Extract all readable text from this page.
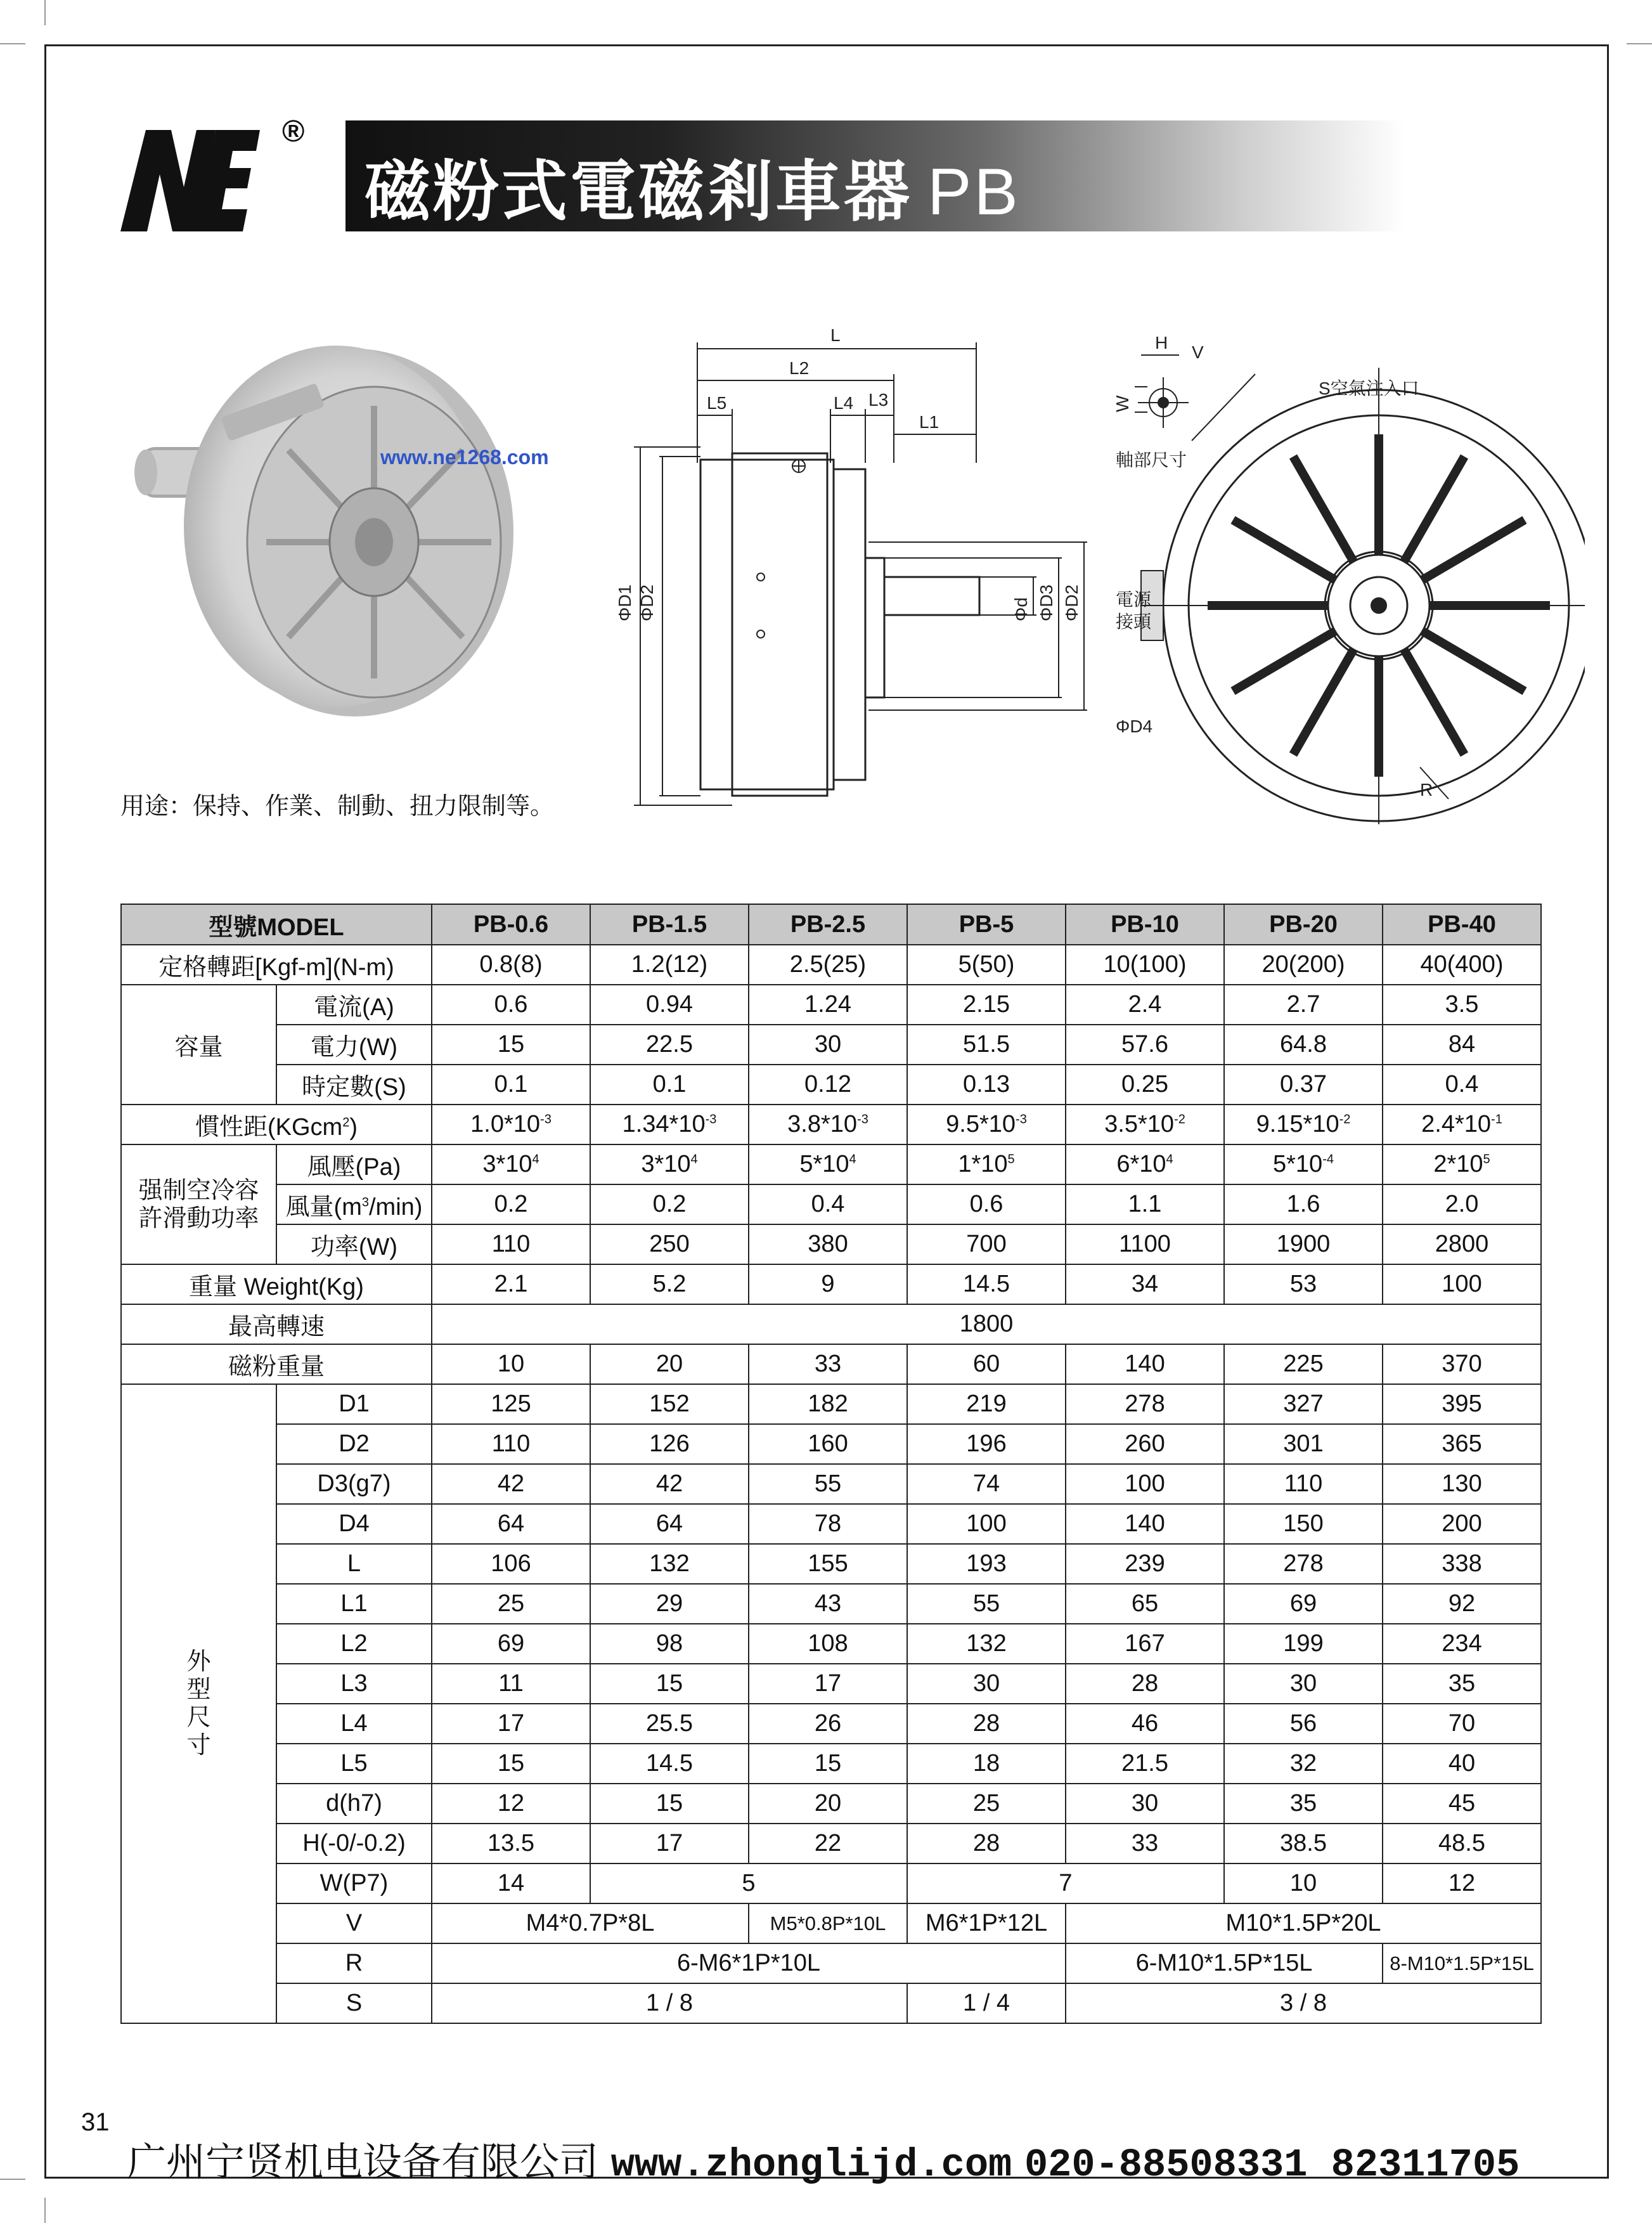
®
磁粉式電磁剎車器 PB
www.ne1268.com
用途：保持、作業、制動、扭力限制等。
L
L2
L5	L4 L3
L1
ΦD1 ΦD2	Φd ΦD3 ΦD2
H V
W
軸部尺寸
S空氣注入口
電源
接頭
ΦD4
R
型號MODEL		PB-0.6	PB-1.5	PB-2.5	PB-5	PB-10	PB-20	PB-40
定格轉距[Kgf-m](N-m)		0.8(8)	1.2(12)	2.5(25)	5(50)	10(100)	20(200)	40(400)
容量	電流(A)	0.6	0.94	1.24	2.15	2.4	2.7	3.5
	電力(W)	15	22.5	30	51.5	57.6	64.8	84
	時定數(S)	0.1	0.1	0.12	0.13	0.25	0.37	0.4
慣性距(KGcm$^2$)		$1.0*10^{-3}$	$1.34*10^{-3}$	$3.8*10^{-3}$	$9.5*10^{-3}$	$3.5*10^{-2}$	$9.15*10^{-2}$	$2.4*10^{-1}$
强制空冷容
許滑動功率	風壓(Pa)	$3*10^4$	$3*10^4$	$5*10^4$	$1*10^5$	$6*10^4$	$5*10^{-4}$	$2*10^5$
	風量$(m^3/\min)$	0.2	0.2	0.4	0.6	1.1	1.6	2.0
	功率(W)	110	250	380	700	1100	1900	2800
重量 Weight(Kg)		2.1	5.2	9	14.5	34	53	100
最高轉速		1800						
磁粉重量		10	20	33	60	140	225	370
外
型
尺
寸	D1	125	152	182	219	278	327	395
	D2	110	126	160	196	260	301	365
	D3(g7)	42	42	55	74	100	110	130
	D4	64	64	78	100	140	150	200
	L	106	132	155	193	239	278	338
	L1	25	29	43	55	65	69	92
	L2	69	98	108	132	167	199	234
	L3	11	15	17	30	28	30	35
	L4	17	25.5	26	28	46	56	70
	L5	15	14.5	15	18	21.5	32	40
	d(h7)	12	15	20	25	30	35	45
	H(-0/-0.2)	13.5	17	22	28	33	38.5	48.5
	W(P7)	14	5		7		10	12
	V	M4*0.7P*8L		M5*0.8P*10L	M6*1P*12L	M10*1.5P*20L		
	R	6-M6*1P*10L				6-M10*1.5P*15L		8-M10*1.5P*15L
	S	1 / 8			1 / 4	3 / 8		
31
广州宁贤机电设备有限公司 www.zhonglijd.com 020-88508331 82311705
